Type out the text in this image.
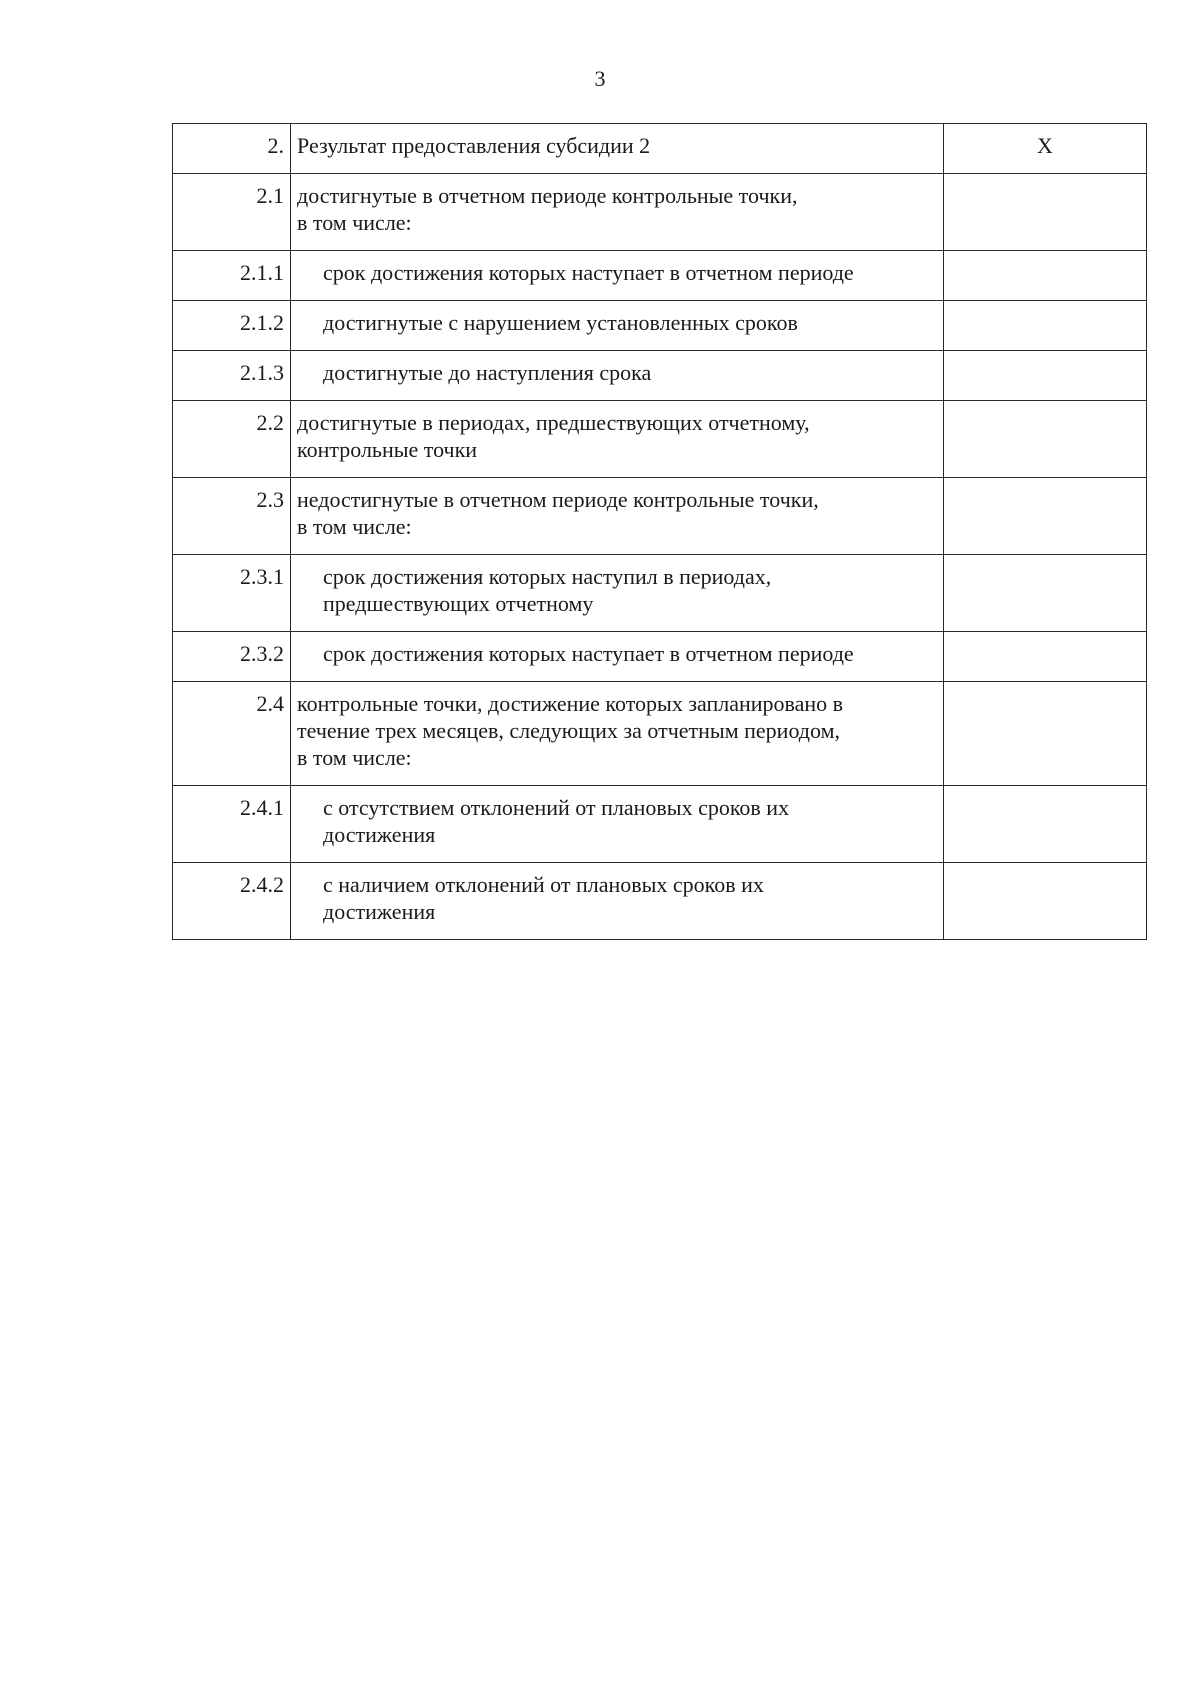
3
2.	Результат предоставления субсидии 2	X
2.1	достигнутые в отчетном периоде контрольные точки,
в том числе:	
2.1.1	срок достижения которых наступает в отчетном периоде	
2.1.2	достигнутые с нарушением установленных сроков	
2.1.3	достигнутые до наступления срока	
2.2	достигнутые в периодах, предшествующих отчетному,
контрольные точки	
2.3	недостигнутые в отчетном периоде контрольные точки,
в том числе:	
2.3.1	срок достижения которых наступил в периодах,
предшествующих отчетному	
2.3.2	срок достижения которых наступает в отчетном периоде	
2.4	контрольные точки, достижение которых запланировано в
течение трех месяцев, следующих за отчетным периодом,
в том числе:	
2.4.1	с отсутствием отклонений от плановых сроков их
достижения	
2.4.2	с наличием отклонений от плановых сроков их
достижения	
